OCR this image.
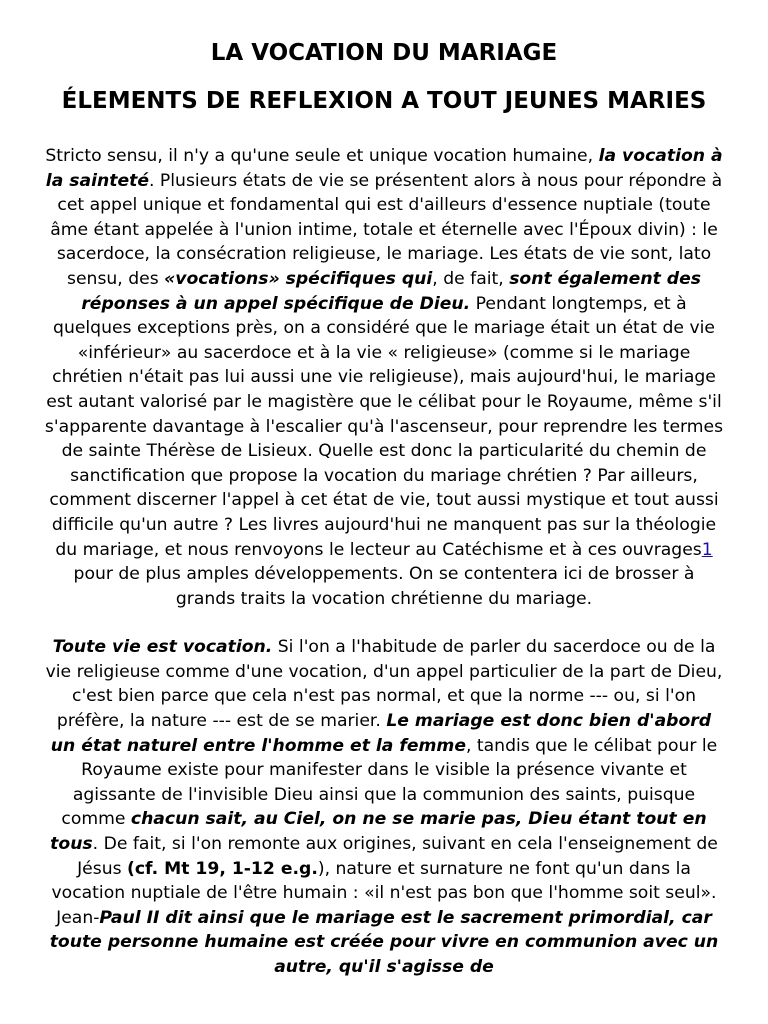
LA VOCATION DU MARIAGE
ÉLEMENTS DE REFLEXION A TOUT JEUNES MARIES

Stricto sensu, il n'y a qu'une seule et unique vocation humaine, la vocation à la sainteté. Plusieurs états de vie se présentent alors à nous pour répondre à cet appel unique et fondamental qui est d'ailleurs d'essence nuptiale (toute âme étant appelée à l'union intime, totale et éternelle avec l'Époux divin) : le sacerdoce, la consécration religieuse, le mariage. Les états de vie sont, lato sensu, des «vocations» spécifiques qui, de fait, sont également des réponses à un appel spécifique de Dieu. Pendant longtemps, et à quelques exceptions près, on a considéré que le mariage était un état de vie «inférieur» au sacerdoce et à la vie « religieuse» (comme si le mariage chrétien n'était pas lui aussi une vie religieuse), mais aujourd'hui, le mariage est autant valorisé par le magistère que le célibat pour le Royaume, même s'il s'apparente davantage à l'escalier qu'à l'ascenseur, pour reprendre les termes de sainte Thérèse de Lisieux. Quelle est donc la particularité du chemin de sanctification que propose la vocation du mariage chrétien ? Par ailleurs, comment discerner l'appel à cet état de vie, tout aussi mystique et tout aussi difficile qu'un autre ? Les livres aujourd'hui ne manquent pas sur la théologie du mariage, et nous renvoyons le lecteur au Catéchisme et à ces ouvrages1 pour de plus amples développements. On se contentera ici de brosser à grands traits la vocation chrétienne du mariage.

Toute vie est vocation. Si l'on a l'habitude de parler du sacerdoce ou de la vie religieuse comme d'une vocation, d'un appel particulier de la part de Dieu, c'est bien parce que cela n'est pas normal, et que la norme --- ou, si l'on préfère, la nature --- est de se marier. Le mariage est donc bien d'abord un état naturel entre l'homme et la femme, tandis que le célibat pour le Royaume existe pour manifester dans le visible la présence vivante et agissante de l'invisible Dieu ainsi que la communion des saints, puisque comme chacun sait, au Ciel, on ne se marie pas, Dieu étant tout en tous. De fait, si l'on remonte aux origines, suivant en cela l'enseignement de Jésus (cf. Mt 19, 1-12 e.g.), nature et surnature ne font qu'un dans la vocation nuptiale de l'être humain : «il n'est pas bon que l'homme soit seul». Jean-Paul II dit ainsi que le mariage est le sacrement primordial, car toute personne humaine est créée pour vivre en communion avec un autre, qu'il s'agisse de
